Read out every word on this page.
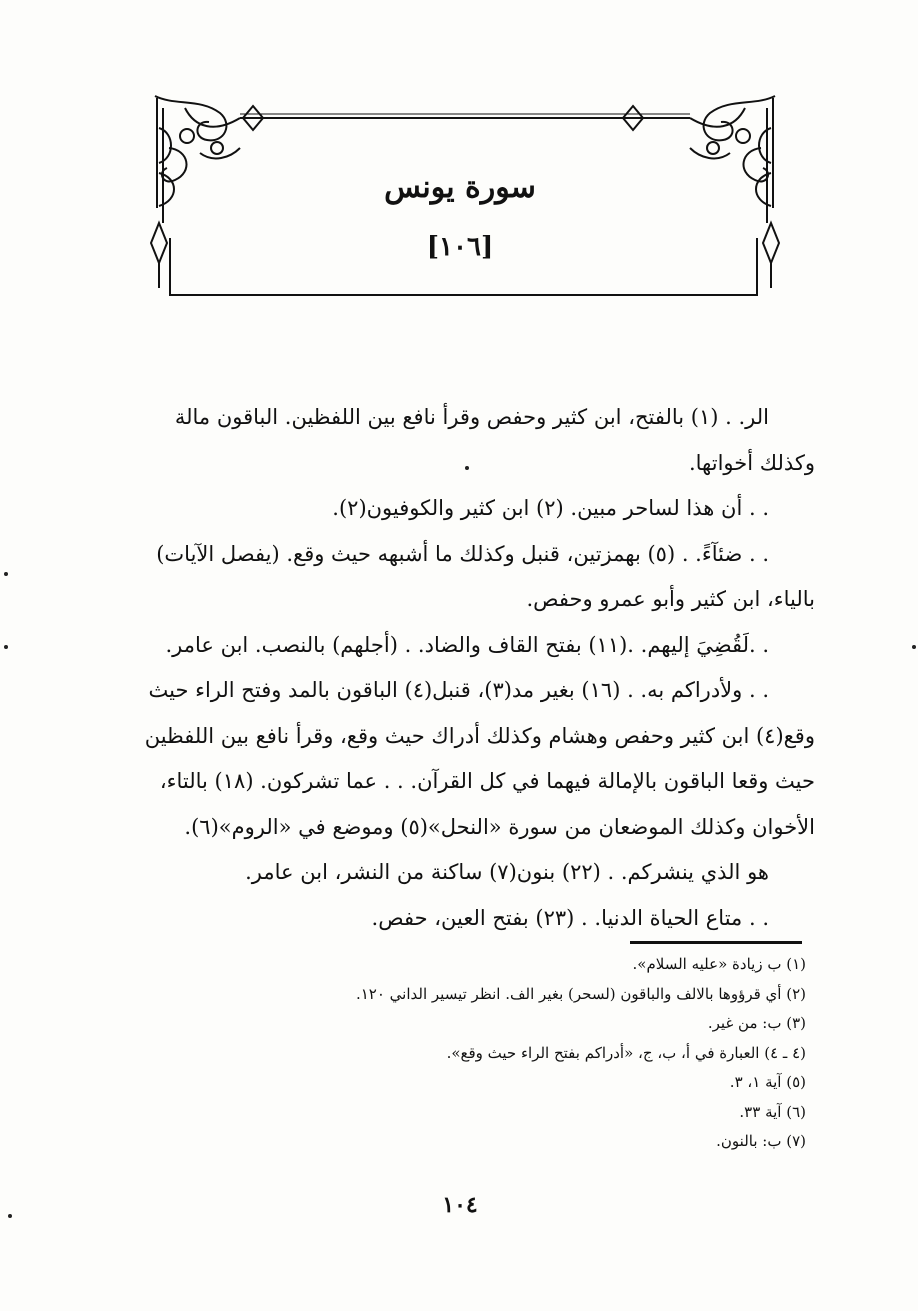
سورة يونس
[١٠٦]

الر. . (١) بالفتح، ابن كثير وحفص وقرأ نافع بين اللفظين. الباقون مالة

وكذلك أخواتها.

. . أن هذا لساحر مبين. (٢) ابن كثير والكوفيون(٢).

. . ضئآءً. . (٥) بهمزتين، قنبل وكذلك ما أشبهه حيث وقع. (يفصل الآيات)

بالياء، ابن كثير وأبو عمرو وحفص.

. .لَقُضِيَ إليهم. .(١١) بفتح القاف والضاد. . (أجلهم) بالنصب. ابن عامر.

. . ولأدراكم به. . (١٦) بغير مد(٣)، قنبل(٤) الباقون بالمد وفتح الراء حيث

وقع(٤) ابن كثير وحفص وهشام وكذلك أدراك حيث وقع، وقرأ نافع بين اللفظين

حيث وقعا الباقون بالإمالة فيهما في كل القرآن. . . عما تشركون. (١٨) بالتاء،

الأخوان وكذلك الموضعان من سورة «النحل»(٥) وموضع في «الروم»(٦).

هو الذي ينشركم. . (٢٢) بنون(٧) ساكنة من النشر، ابن عامر.

. . متاع الحياة الدنيا. . (٢٣) بفتح العين، حفص.

(١) ب زيادة «عليه السلام».
(٢) أي قرؤوها بالالف والباقون (لسحر) بغير الف. انظر تيسير الداني ١٢٠.
(٣) ب: من غير.
(٤ ـ ٤) العبارة في أ، ب، ج، «أدراكم بفتح الراء حيث وقع».
(٥) آية ١، ٣.
(٦) آية ٣٣.
(٧) ب: بالنون.
١٠٤
